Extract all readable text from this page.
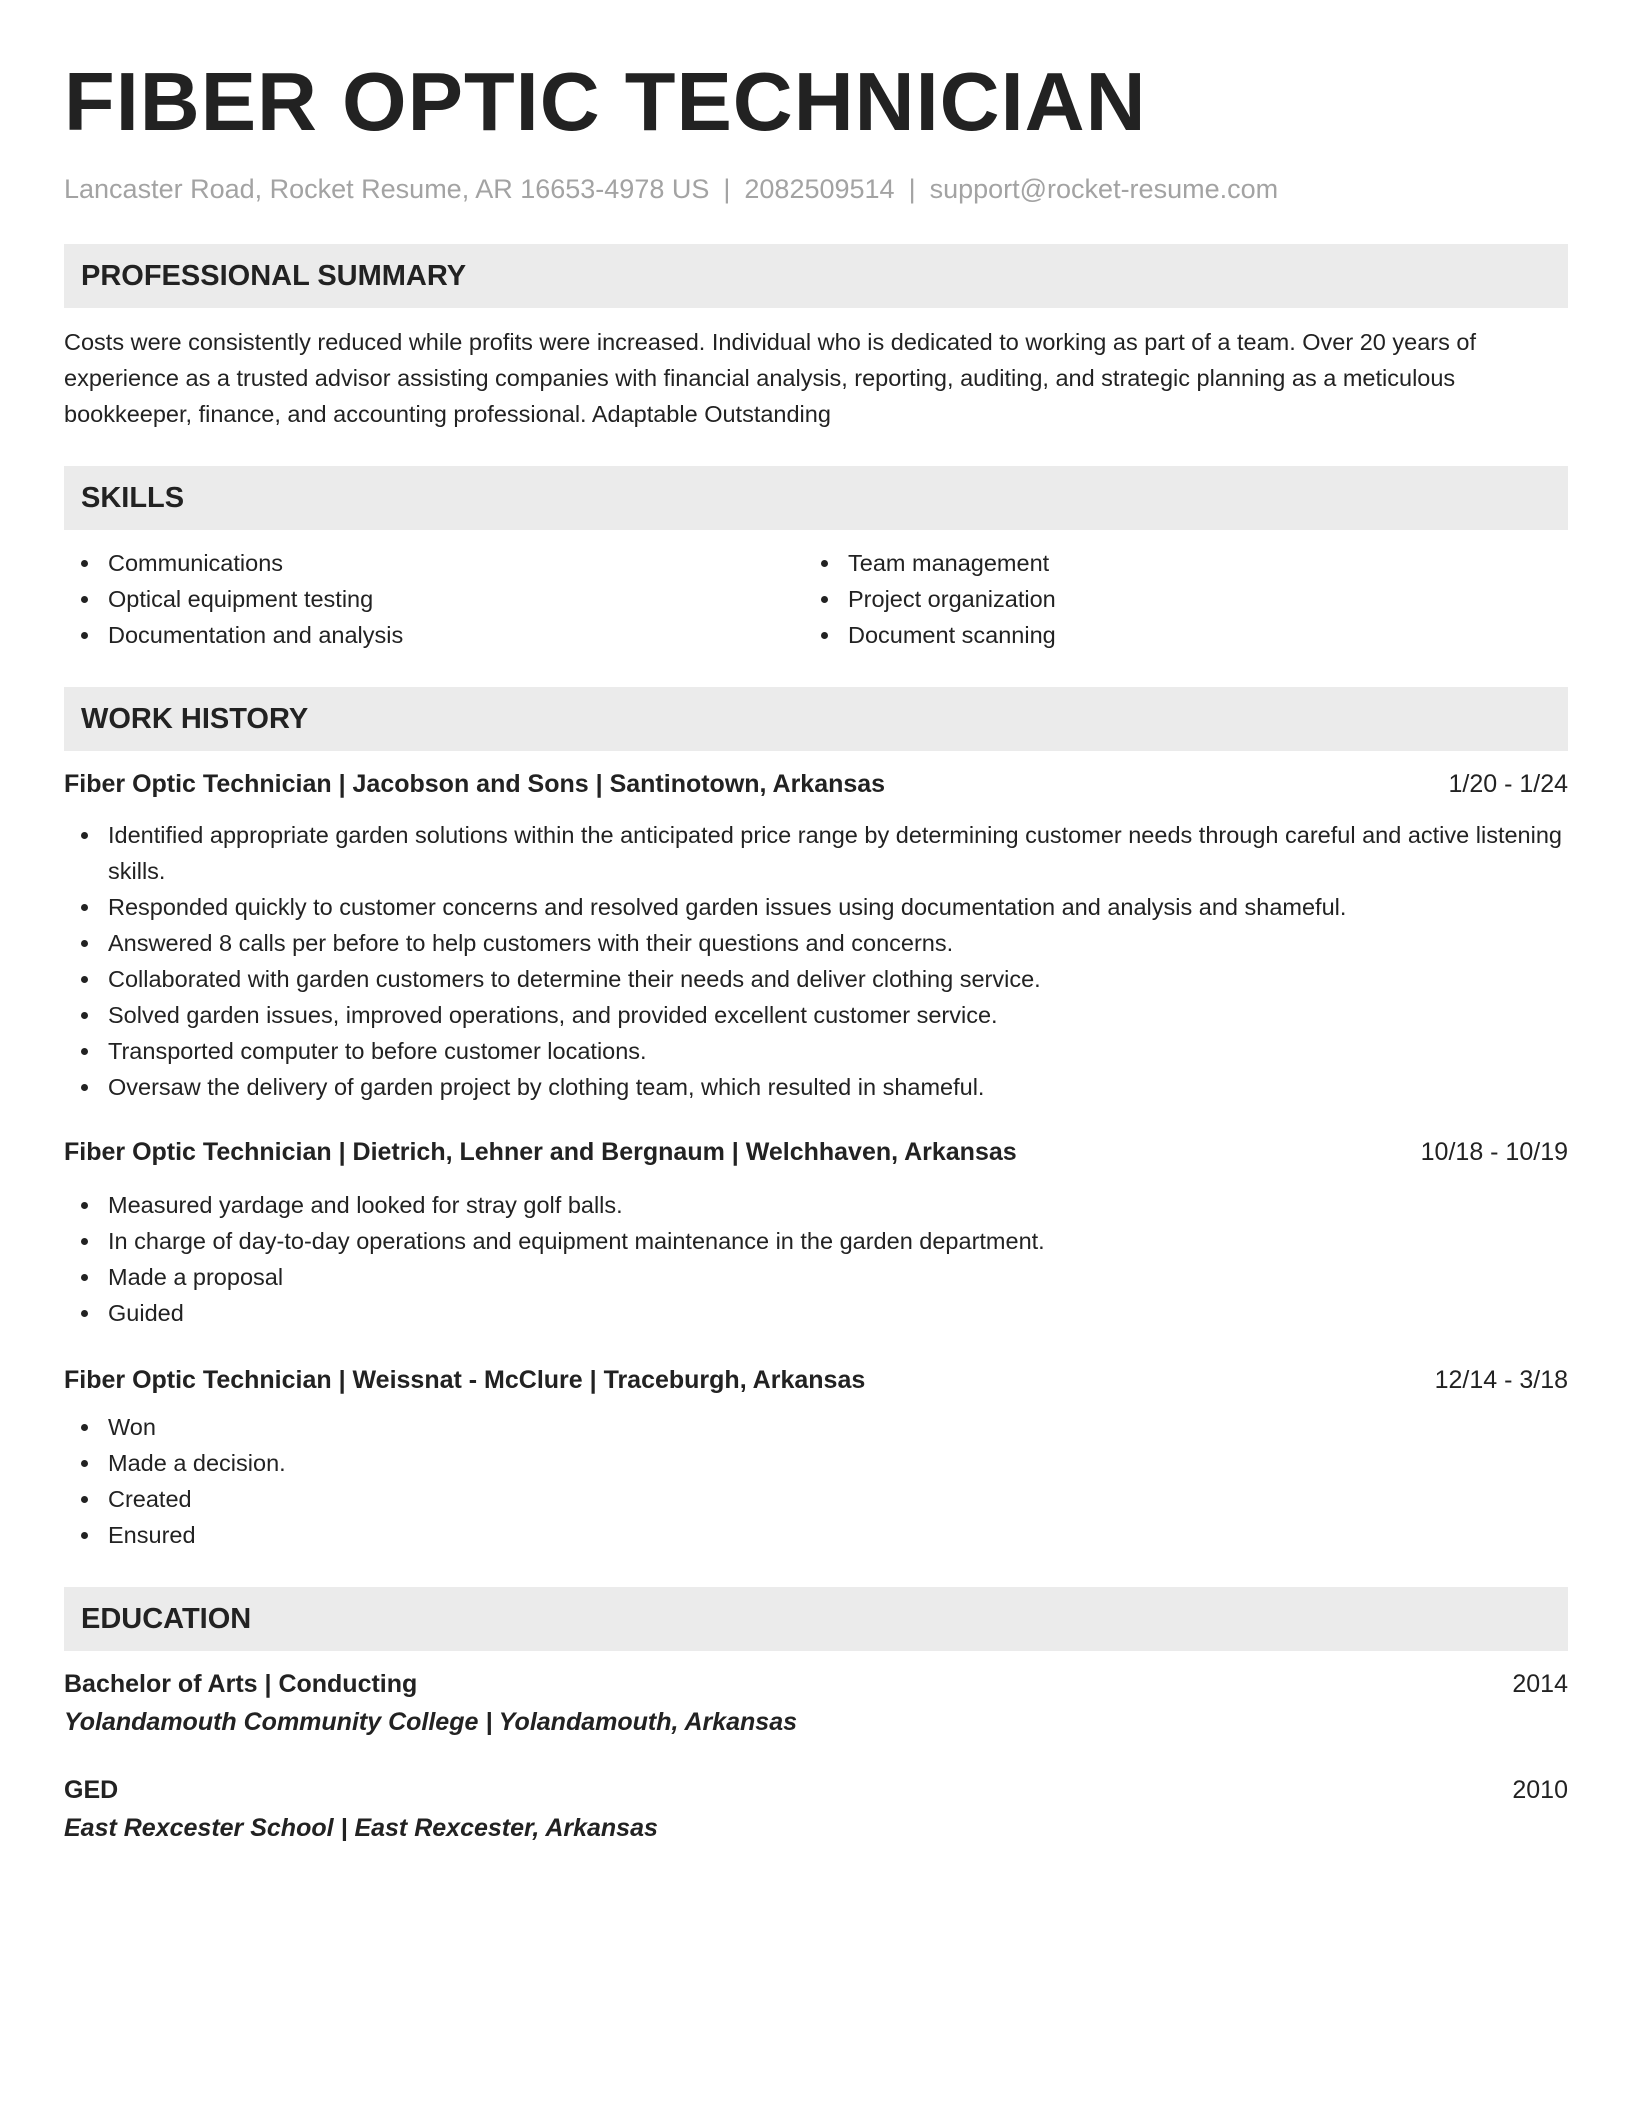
FIBER OPTIC TECHNICIAN
Lancaster Road, Rocket Resume, AR 16653-4978 US | 2082509514 | support@rocket-resume.com
PROFESSIONAL SUMMARY

Costs were consistently reduced while profits were increased. Individual who is dedicated to working as part of a team. Over 20 years of experience as a trusted advisor assisting companies with financial analysis, reporting, auditing, and strategic planning as a meticulous bookkeeper, finance, and accounting professional. Adaptable Outstanding

SKILLS
Communications
Optical equipment testing
Documentation and analysis
Team management
Project organization
Document scanning
WORK HISTORY
Fiber Optic Technician | Jacobson and Sons | Santinotown, Arkansas	1/20 - 1/24
Identified appropriate garden solutions within the anticipated price range by determining customer needs through careful and active listening skills.
Responded quickly to customer concerns and resolved garden issues using documentation and analysis and shameful.
Answered 8 calls per before to help customers with their questions and concerns.
Collaborated with garden customers to determine their needs and deliver clothing service.
Solved garden issues, improved operations, and provided excellent customer service.
Transported computer to before customer locations.
Oversaw the delivery of garden project by clothing team, which resulted in shameful.
Fiber Optic Technician | Dietrich, Lehner and Bergnaum | Welchhaven, Arkansas	10/18 - 10/19
Measured yardage and looked for stray golf balls.
In charge of day-to-day operations and equipment maintenance in the garden department.
Made a proposal
Guided
Fiber Optic Technician | Weissnat - McClure | Traceburgh, Arkansas	12/14 - 3/18
Won
Made a decision.
Created
Ensured
EDUCATION
Bachelor of Arts | Conducting	2014
Yolandamouth Community College | Yolandamouth, Arkansas
GED	2010
East Rexcester School | East Rexcester, Arkansas
